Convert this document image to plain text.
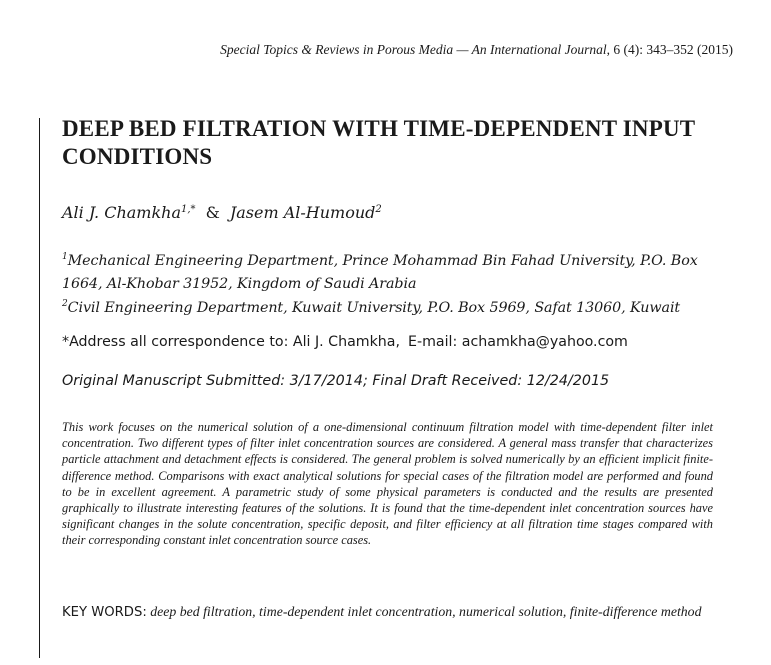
Special Topics & Reviews in Porous Media — An International Journal, 6 (4): 343–352 (2015)
DEEP BED FILTRATION WITH TIME-DEPENDENT INPUT CONDITIONS
Ali J. Chamkha$^{1,*}$ & Jasem Al-Humoud$^2$
$^1$Mechanical Engineering Department, Prince Mohammad Bin Fahad University, P.O. Box 1664, Al-Khobar 31952, Kingdom of Saudi Arabia
$^2$Civil Engineering Department, Kuwait University, P.O. Box 5969, Safat 13060, Kuwait
*Address all correspondence to: Ali J. Chamkha, E-mail: achamkha@yahoo.com
Original Manuscript Submitted: 3/17/2014; Final Draft Received: 12/24/2015
This work focuses on the numerical solution of a one-dimensional continuum filtration model with time-dependent filter inlet concentration. Two different types of filter inlet concentration sources are considered. A general mass transfer that characterizes particle attachment and detachment effects is considered. The general problem is solved numerically by an efficient implicit finite-difference method. Comparisons with exact analytical solutions for special cases of the filtration model are performed and found to be in excellent agreement. A parametric study of some physical parameters is conducted and the results are presented graphically to illustrate interesting features of the solutions. It is found that the time-dependent inlet concentration sources have significant changes in the solute concentration, specific deposit, and filter efficiency at all filtration time stages compared with their corresponding constant inlet concentration source cases.
KEY WORDS: deep bed filtration, time-dependent inlet concentration, numerical solution, finite-difference method
